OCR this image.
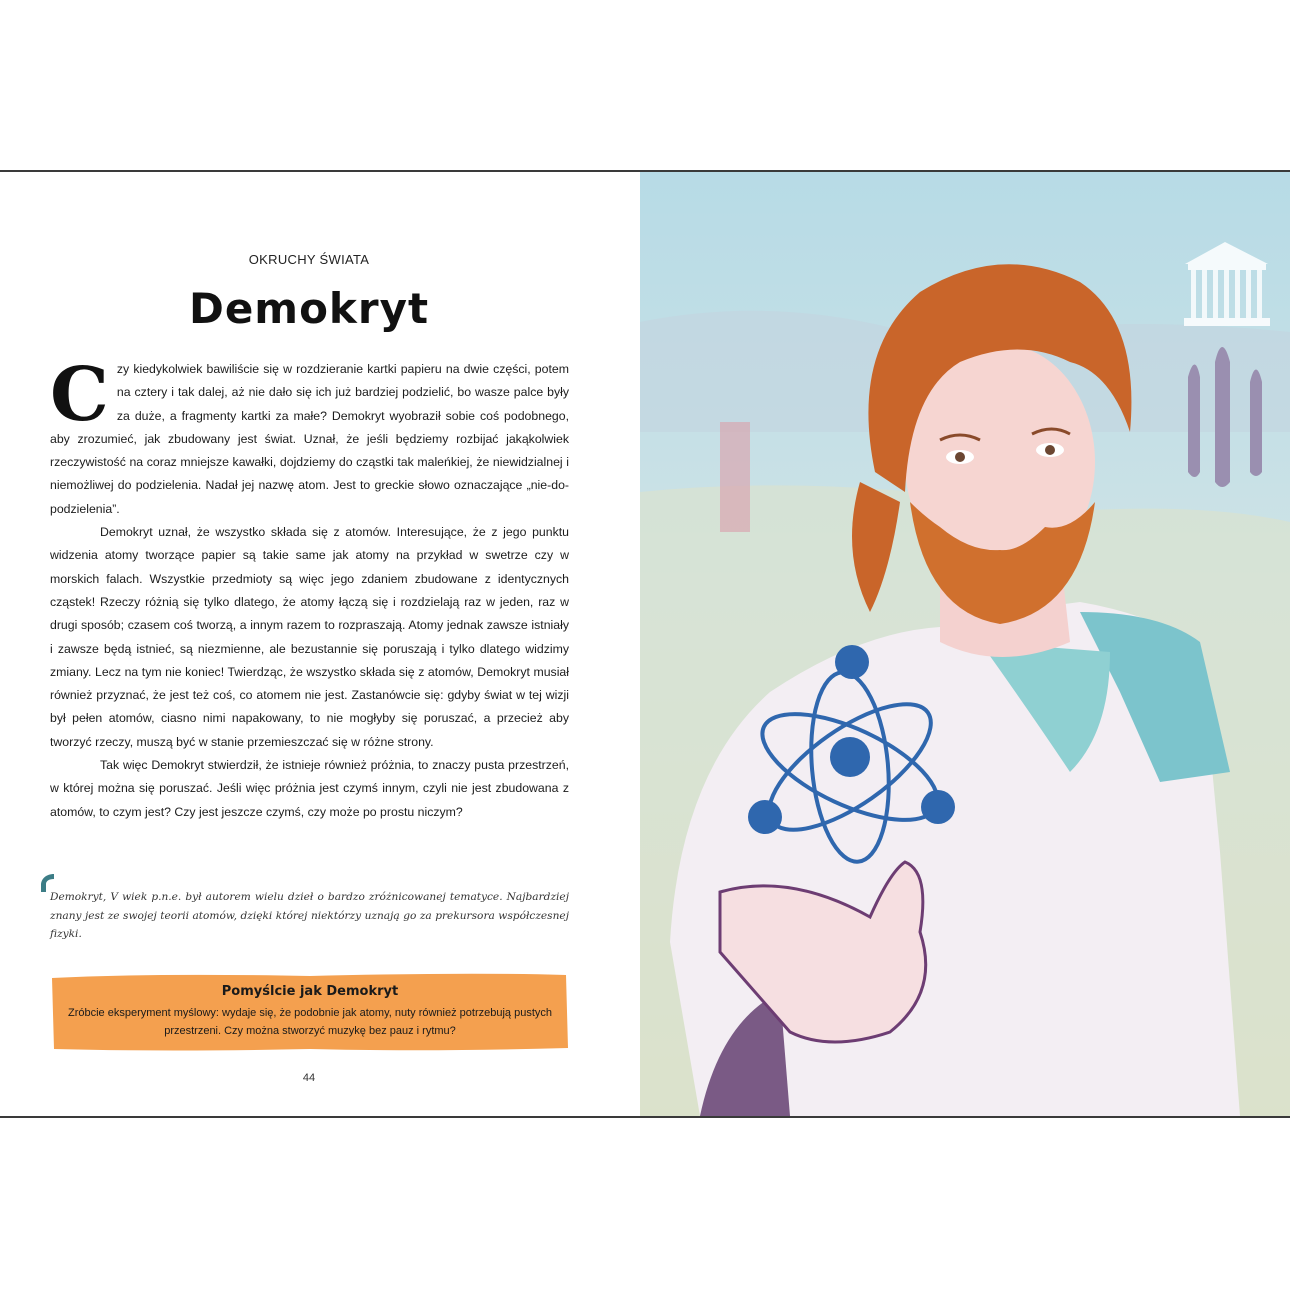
OKRUCHY ŚWIATA
Demokryt

Czy kiedykolwiek bawiliście się w rozdzieranie kartki papieru na dwie części, potem na cztery i tak dalej, aż nie dało się ich już bardziej podzielić, bo wasze palce były za duże, a fragmenty kartki za małe? Demokryt wyobraził sobie coś podobnego, aby zrozumieć, jak zbudowany jest świat. Uznał, że jeśli będziemy rozbijać jakąkolwiek rzeczywistość na coraz mniejsze kawałki, dojdziemy do cząstki tak maleńkiej, że niewidzialnej i niemożliwej do podzielenia. Nadał jej nazwę atom. Jest to greckie słowo oznaczające „nie-do-podzielenia”.

Demokryt uznał, że wszystko składa się z atomów. Interesujące, że z jego punktu widzenia atomy tworzące papier są takie same jak atomy na przykład w swetrze czy w morskich falach. Wszystkie przedmioty są więc jego zdaniem zbudowane z identycznych cząstek! Rzeczy różnią się tylko dlatego, że atomy łączą się i rozdzielają raz w jeden, raz w drugi sposób; czasem coś tworzą, a innym razem to rozpraszają. Atomy jednak zawsze istniały i zawsze będą istnieć, są niezmienne, ale bezustannie się poruszają i tylko dlatego widzimy zmiany. Lecz na tym nie koniec! Twierdząc, że wszystko składa się z atomów, Demokryt musiał również przyznać, że jest też coś, co atomem nie jest. Zastanówcie się: gdyby świat w tej wizji był pełen atomów, ciasno nimi napakowany, to nie mogłyby się poruszać, a przecież aby tworzyć rzeczy, muszą być w stanie przemieszczać się w różne strony.

Tak więc Demokryt stwierdził, że istnieje również próżnia, to znaczy pusta przestrzeń, w której można się poruszać. Jeśli więc próżnia jest czymś innym, czyli nie jest zbudowana z atomów, to czym jest? Czy jest jeszcze czymś, czy może po prostu niczym?

Demokryt, V wiek p.n.e. był autorem wielu dzieł o bardzo zróżnicowanej tematyce. Najbardziej znany jest ze swojej teorii atomów, dzięki której niektórzy uznają go za prekursora współczesnej fizyki.
Pomyślcie jak Demokryt
Zróbcie eksperyment myślowy: wydaje się, że podobnie jak atomy, nuty również potrzebują pustych przestrzeni. Czy można stworzyć muzykę bez pauz i rytmu?
44
